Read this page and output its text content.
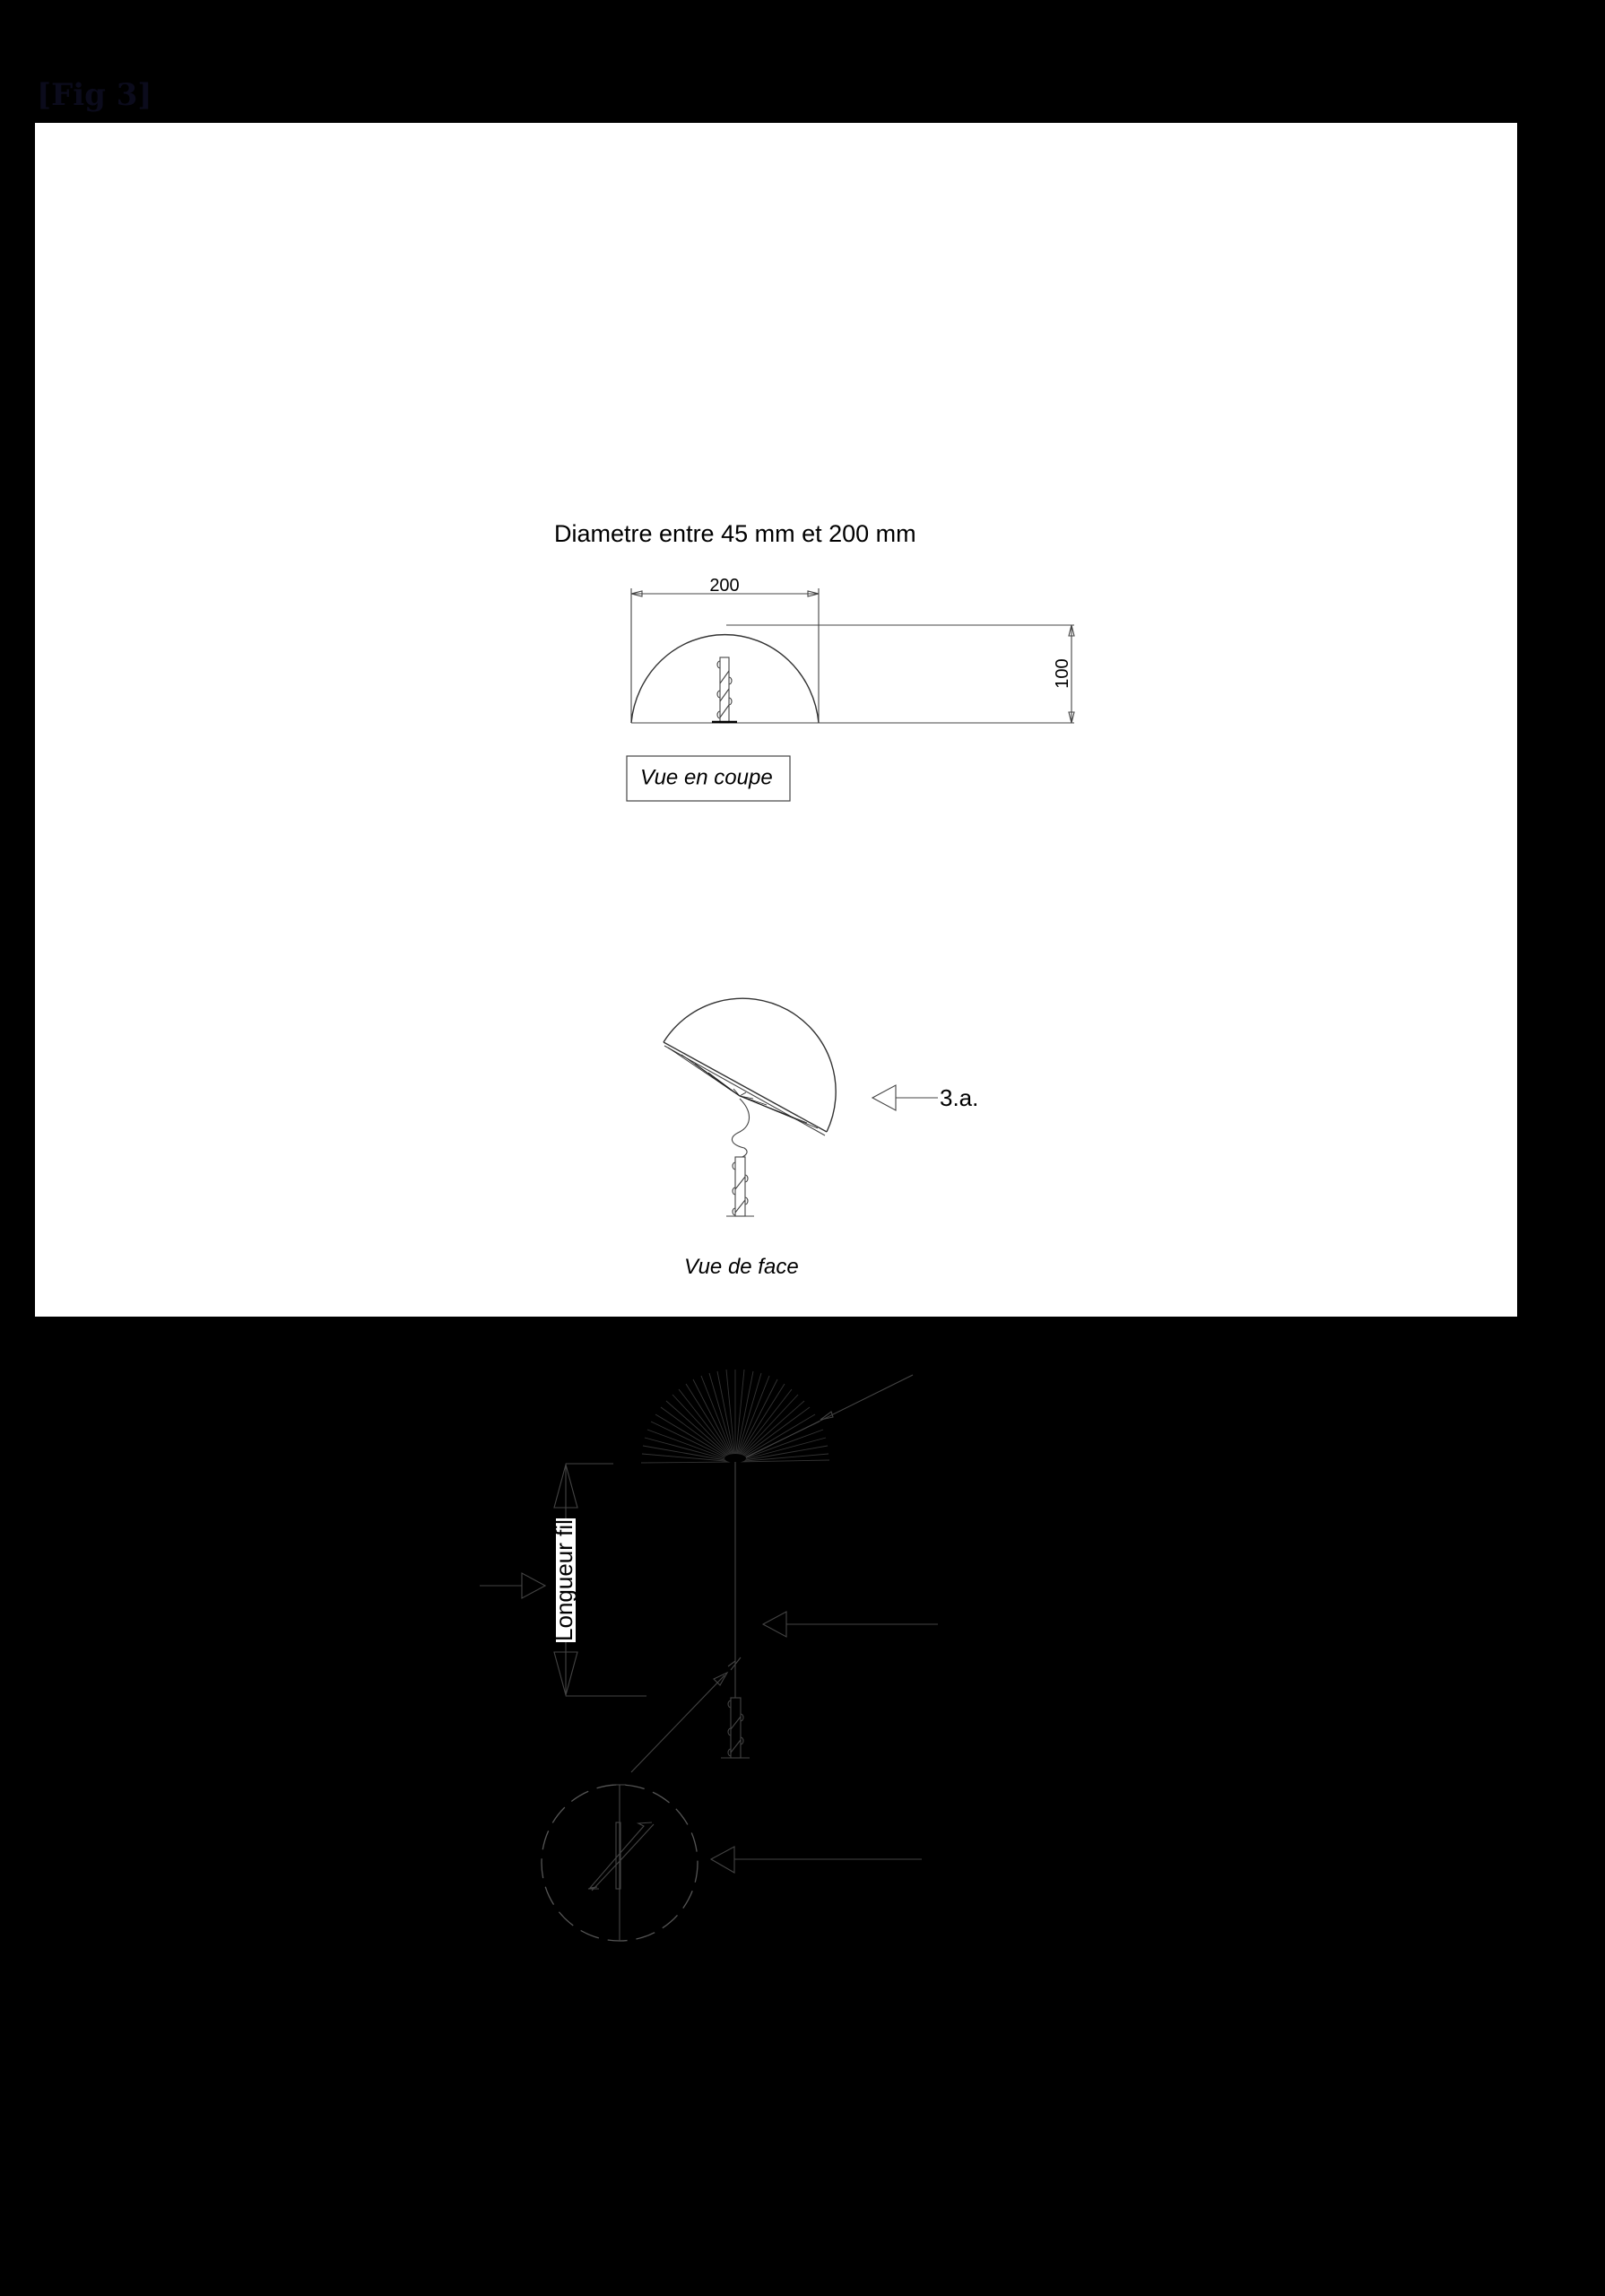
[Fig 3]
Diametre entre 45 mm et 200 mm
200
100
Vue en coupe
3.a.
Vue de face
R Pappus
Longueur fil
3.b
3.c.
4.d.
Figure 3
